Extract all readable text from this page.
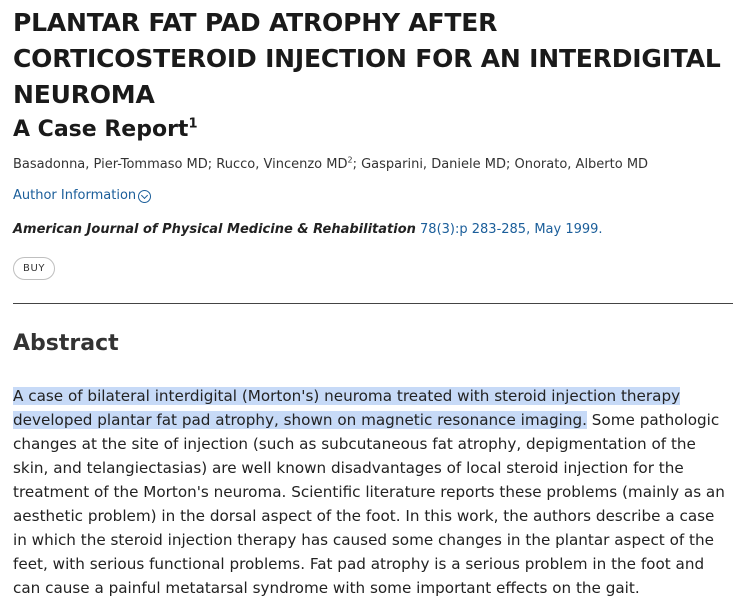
PLANTAR FAT PAD ATROPHY AFTER CORTICOSTEROID INJECTION FOR AN INTERDIGITAL NEUROMA
A Case Report$^1$
Basadonna, Pier-Tommaso MD; Rucco, Vincenzo $MD^2$; Gasparini, Daniele MD; Onorato, Alberto MD
Author Information
American Journal of Physical Medicine & Rehabilitation 78(3):p 283-285, May 1999.
BUY
Abstract
A case of bilateral interdigital (Morton's) neuroma treated with steroid injection therapy developed plantar fat pad atrophy, shown on magnetic resonance imaging. Some pathologic changes at the site of injection (such as subcutaneous fat atrophy, depigmentation of the skin, and telangiectasias) are well known disadvantages of local steroid injection for the treatment of the Morton's neuroma. Scientific literature reports these problems (mainly as an aesthetic problem) in the dorsal aspect of the foot. In this work, the authors describe a case in which the steroid injection therapy has caused some changes in the plantar aspect of the feet, with serious functional problems. Fat pad atrophy is a serious problem in the foot and can cause a painful metatarsal syndrome with some important effects on the gait.
